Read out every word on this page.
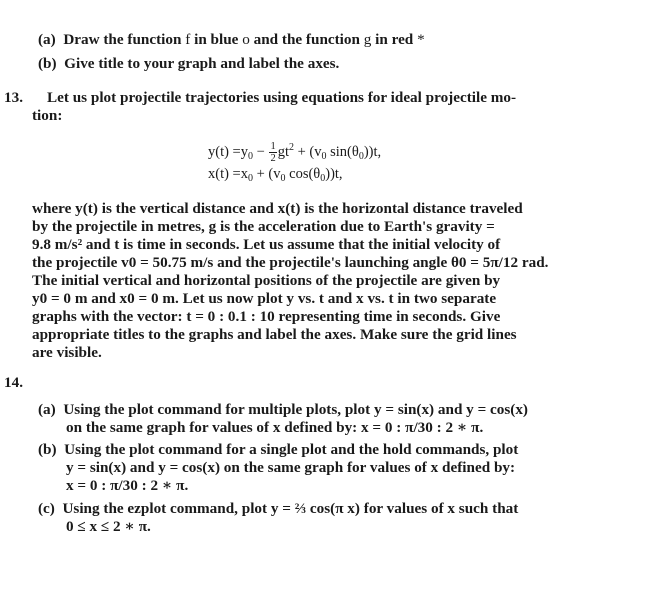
(a) Draw the function f in blue o and the function g in red *
(b) Give title to your graph and label the axes.
13. Let us plot projectile trajectories using equations for ideal projectile mo-
tion:
$y(t) =y_0 - \frac{1}{2} gt^2 + (v_0$ $\sin(\theta_0))t$,
$x(t) =x_0 + (v_0$ $\cos(\theta_0))t$,
where y(t) is the vertical distance and x(t) is the horizontal distance traveled
by the projectile in metres, g is the acceleration due to Earth's gravity =
9.8 m/s² and t is time in seconds. Let us assume that the initial velocity of
the projectile v0 = 50.75 m/s and the projectile's launching angle θ0 = 5π/12 rad.
The initial vertical and horizontal positions of the projectile are given by
y0 = 0 m and x0 = 0 m. Let us now plot y vs. t and x vs. t in two separate
graphs with the vector: t = 0 : 0.1 : 10 representing time in seconds. Give
appropriate titles to the graphs and label the axes. Make sure the grid lines
are visible.
14.
(a) Using the plot command for multiple plots, plot y = sin(x) and y = cos(x)
on the same graph for values of x defined by: x = 0 : π/30 : 2 ∗ π.
(b) Using the plot command for a single plot and the hold commands, plot
y = sin(x) and y = cos(x) on the same graph for values of x defined by:
x = 0 : π/30 : 2 ∗ π.
(c) Using the ezplot command, plot y = ⅔ cos(π x) for values of x such that
0 ≤ x ≤ 2 ∗ π.
